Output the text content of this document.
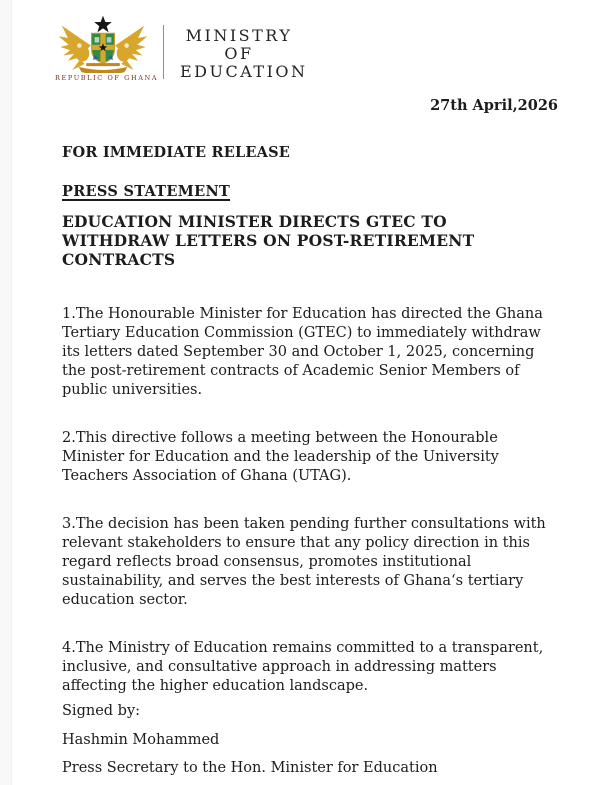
REPUBLIC OF GHANA
MINISTRY
OF
EDUCATION
27th April,2026
FOR IMMEDIATE RELEASE
PRESS STATEMENT
EDUCATION MINISTER DIRECTS GTEC TO WITHDRAW LETTERS ON POST-RETIREMENT CONTRACTS

1.The Honourable Minister for Education has directed the Ghana Tertiary Education Commission (GTEC) to immediately withdraw its letters dated September 30 and October 1, 2025, concerning the post-retirement contracts of Academic Senior Members of public universities.

2.This directive follows a meeting between the Honourable Minister for Education and the leadership of the University Teachers Association of Ghana (UTAG).

3.The decision has been taken pending further consultations with relevant stakeholders to ensure that any policy direction in this regard reflects broad consensus, promotes institutional sustainability, and serves the best interests of Ghana‘s tertiary education sector.

4.The Ministry of Education remains committed to a transparent, inclusive, and consultative approach in addressing matters affecting the higher education landscape.

Signed by:

Hashmin Mohammed

Press Secretary to the Hon. Minister for Education
